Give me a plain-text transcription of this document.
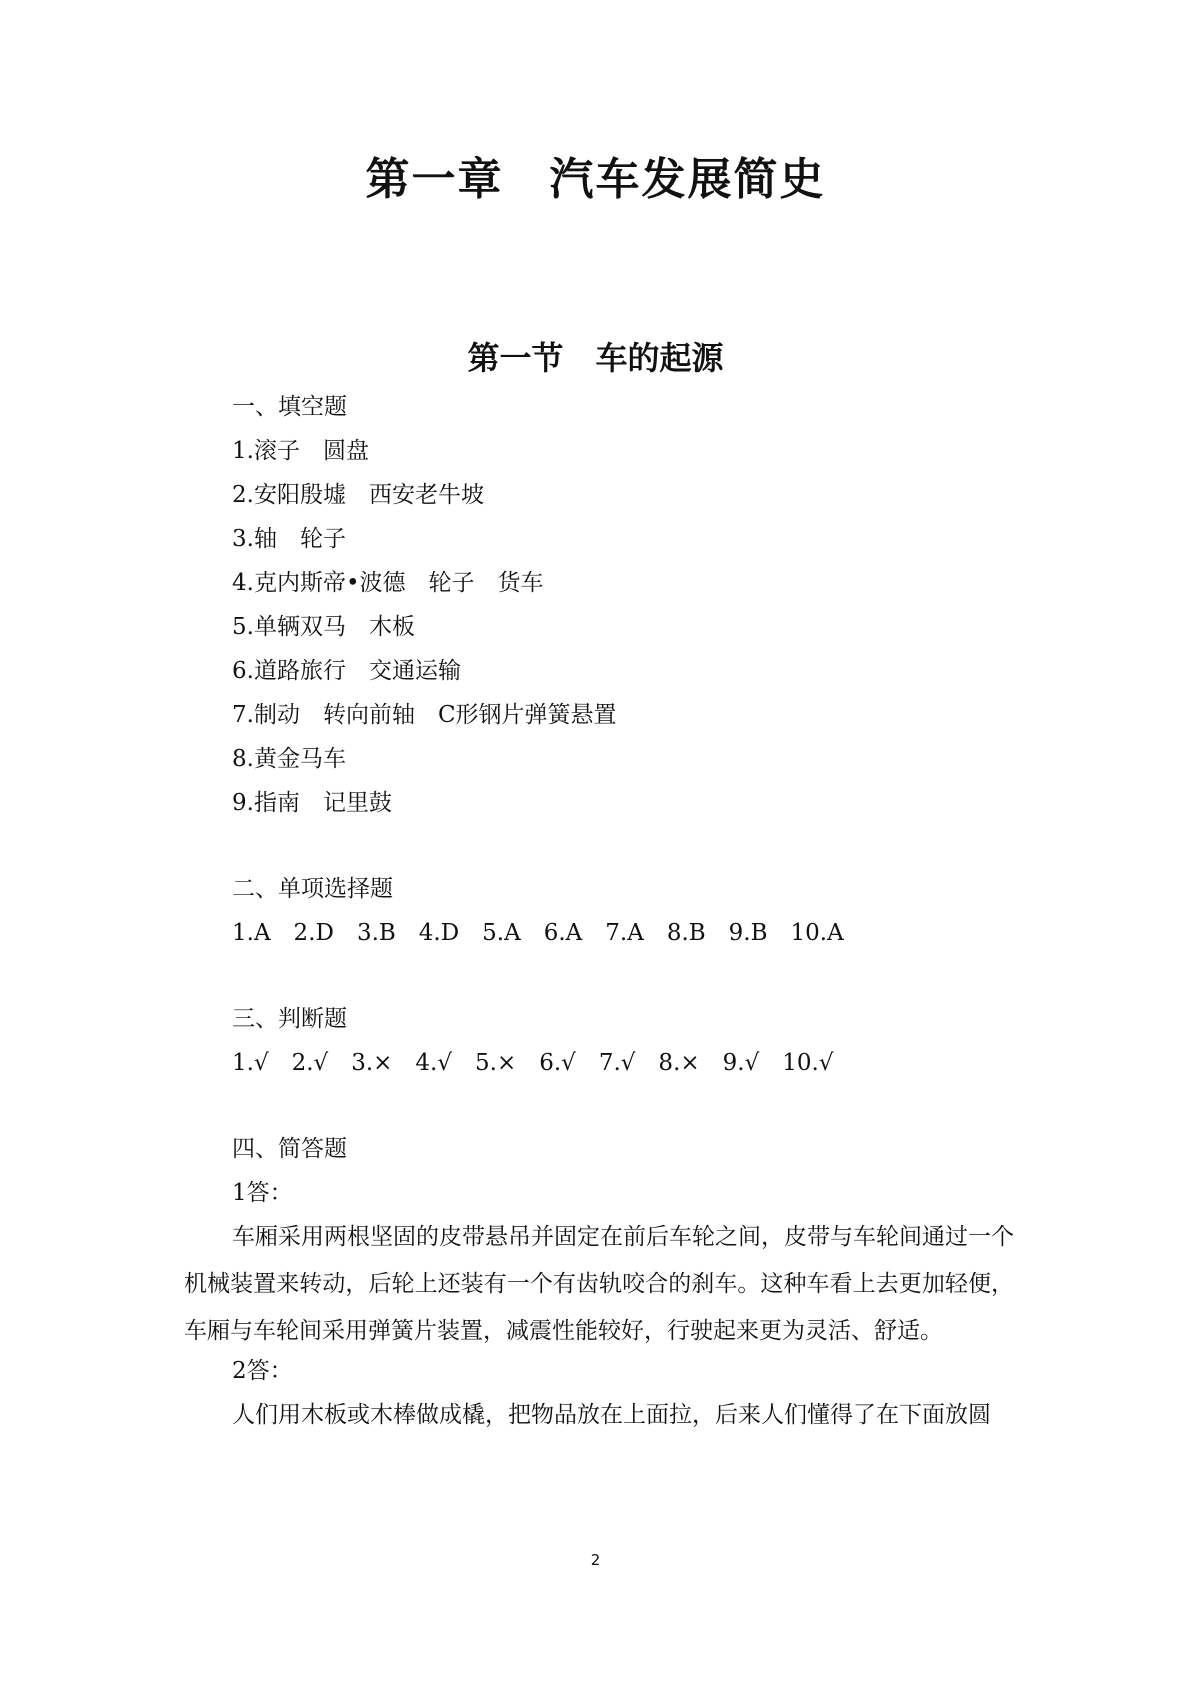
第一章　汽车发展简史
第一节　车的起源
一、填空题
1.滚子　圆盘
2.安阳殷墟　西安老牛坡
3.轴　轮子
4.克内斯帝•波德　轮子　货车
5.单辆双马　木板
6.道路旅行　交通运输
7.制动　转向前轴　C形钢片弹簧悬置
8.黄金马车
9.指南　记里鼓
二、单项选择题
1.A　2.D　3.B　4.D　5.A　6.A　7.A　8.B　9.B　10.A
三、判断题
1.√　2.√　3.×　4.√　5.×　6.√　7.√　8.×　9.√　10.√
四、简答题
1答：
车厢采用两根坚固的皮带悬吊并固定在前后车轮之间，皮带与车轮间通过一个机械装置来转动，后轮上还装有一个有齿轨咬合的刹车。这种车看上去更加轻便，车厢与车轮间采用弹簧片装置，减震性能较好，行驶起来更为灵活、舒适。
2答：
人们用木板或木棒做成橇，把物品放在上面拉，后来人们懂得了在下面放圆
2
